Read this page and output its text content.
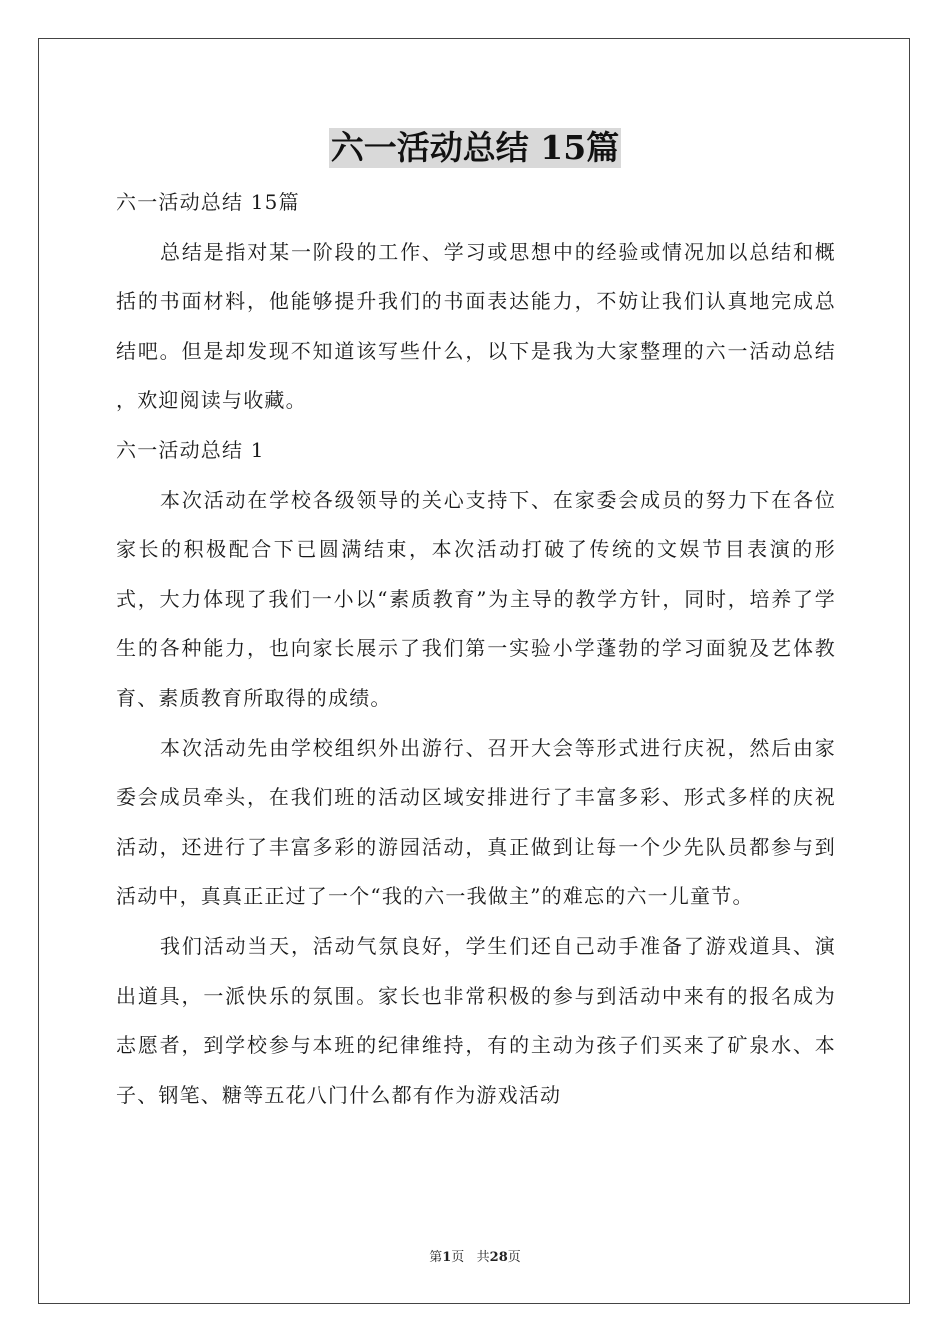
六一活动总结 15篇

六一活动总结 15篇

总结是指对某一阶段的工作、学习或思想中的经验或情况加以总结和概括的书面材料，他能够提升我们的书面表达能力，不妨让我们认真地完成总结吧。但是却发现不知道该写些什么，以下是我为大家整理的六一活动总结 ，欢迎阅读与收藏。

六一活动总结 1

本次活动在学校各级领导的关心支持下、在家委会成员的努力下在各位家长的积极配合下已圆满结束，本次活动打破了传统的文娱节目表演的形式，大力体现了我们一小以“素质教育”为主导的教学方针，同时，培养了学生的各种能力，也向家长展示了我们第一实验小学蓬勃的学习面貌及艺体教育、素质教育所取得的成绩。

本次活动先由学校组织外出游行、召开大会等形式进行庆祝，然后由家委会成员牵头，在我们班的活动区域安排进行了丰富多彩、形式多样的庆祝活动，还进行了丰富多彩的游园活动，真正做到让每一个少先队员都参与到活动中，真真正正过了一个“我的六一我做主”的难忘的六一儿童节。

我们活动当天，活动气氛良好，学生们还自己动手准备了游戏道具、演出道具，一派快乐的氛围。家长也非常积极的参与到活动中来有的报名成为志愿者，到学校参与本班的纪律维持，有的主动为孩子们买来了矿泉水、本子、钢笔、糖等五花八门什么都有作为游戏活动

第1页   共28页
